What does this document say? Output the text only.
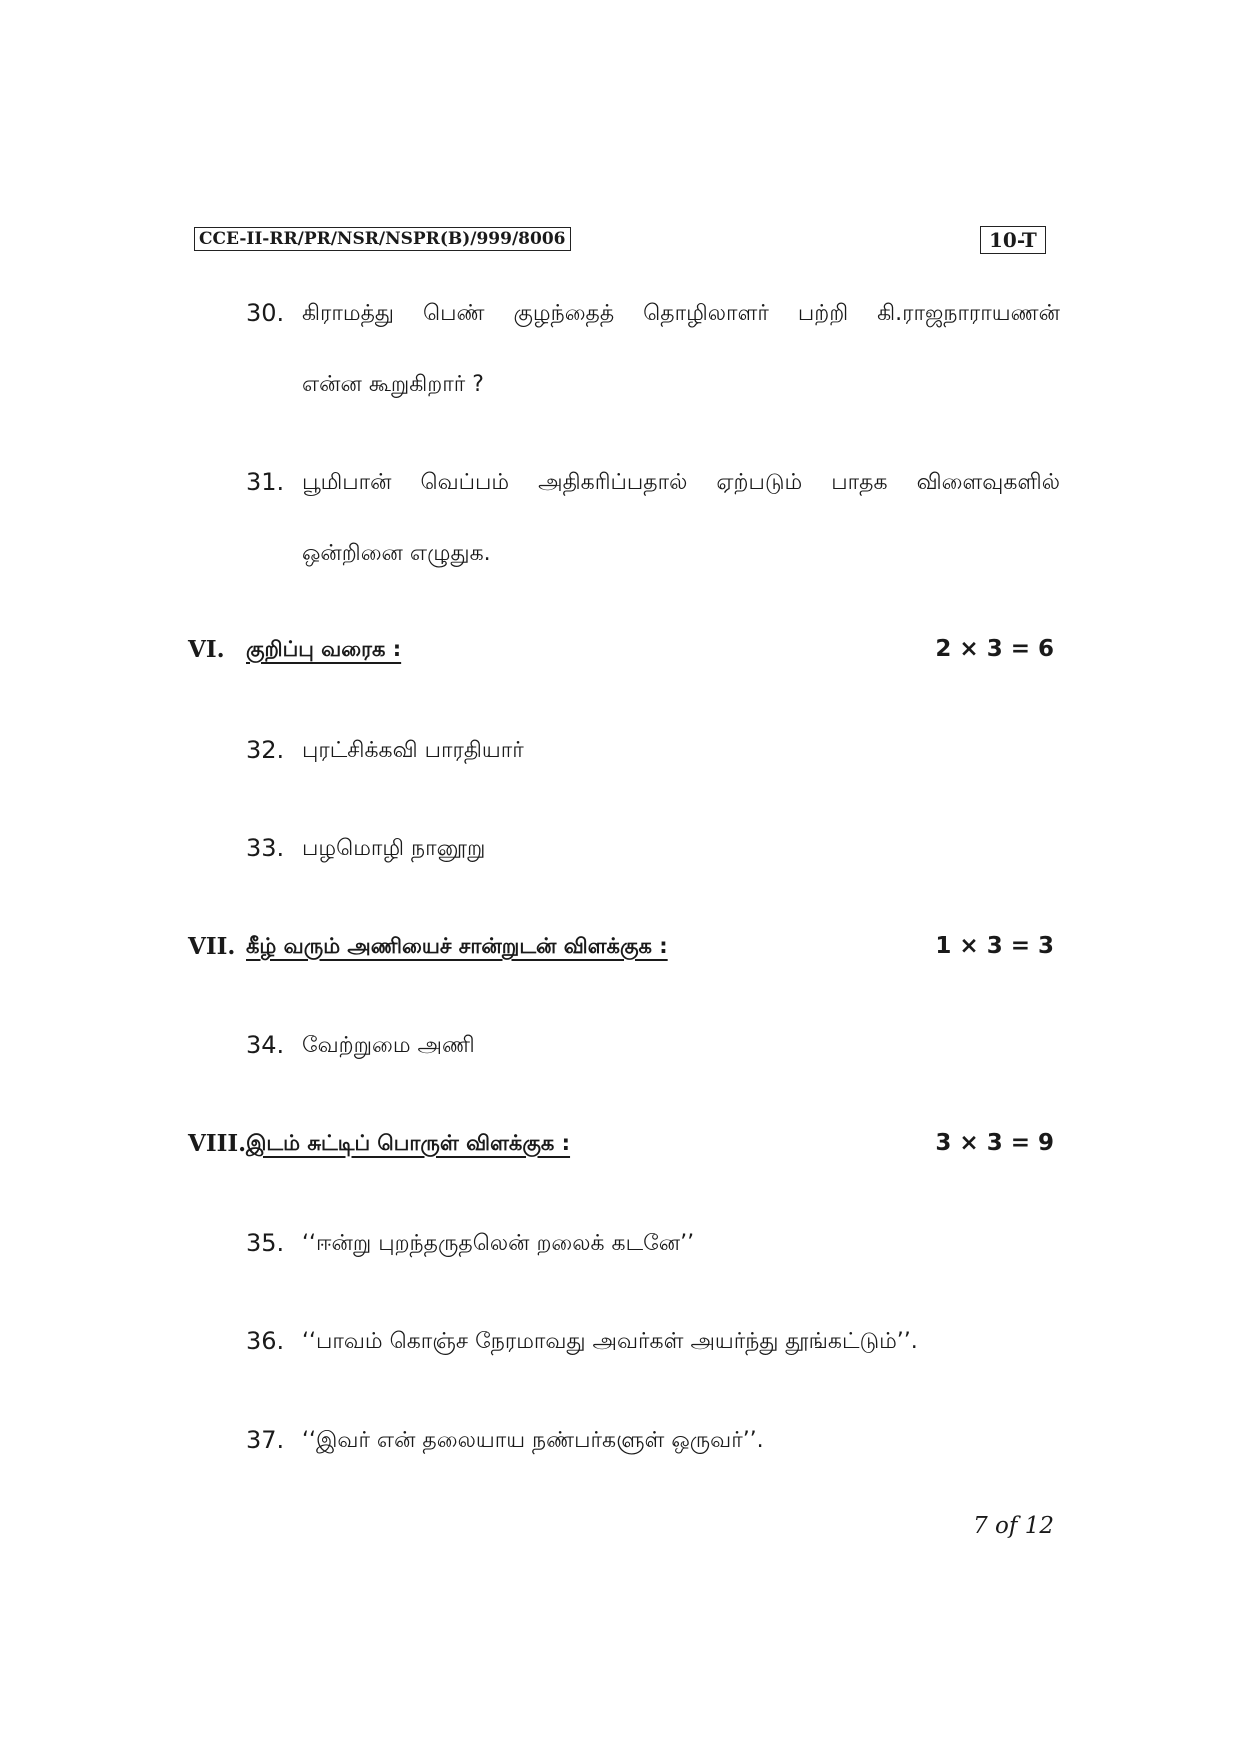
CCE-II-RR/PR/NSR/NSPR(B)/999/8006	10-T
30. கிராமத்து பெண் குழந்தைத் தொழிலாளர் பற்றி கி.ராஜநாராயணன்
என்ன கூறுகிறார் ?
31. பூமிபான் வெப்பம் அதிகரிப்பதால் ஏற்படும் பாதக விளைவுகளில்
ஒன்றினை எழுதுக.
VI. குறிப்பு வரைக :	2 × 3 = 6
32. புரட்சிக்கவி பாரதியார்
33. பழமொழி நானூறு
VII. கீழ் வரும் அணியைச் சான்றுடன் விளக்குக :	1 × 3 = 3
34. வேற்றுமை அணி
VIII. இடம் சுட்டிப் பொருள் விளக்குக :	3 × 3 = 9
35. ‘‘ஈன்று புறந்தருதலென் றலைக் கடனே’’
36. ‘‘பாவம் கொஞ்ச நேரமாவது அவர்கள் அயர்ந்து தூங்கட்டும்’’.
37. ‘‘இவர் என் தலையாய நண்பர்களுள் ஒருவர்’’.
7 of 12
